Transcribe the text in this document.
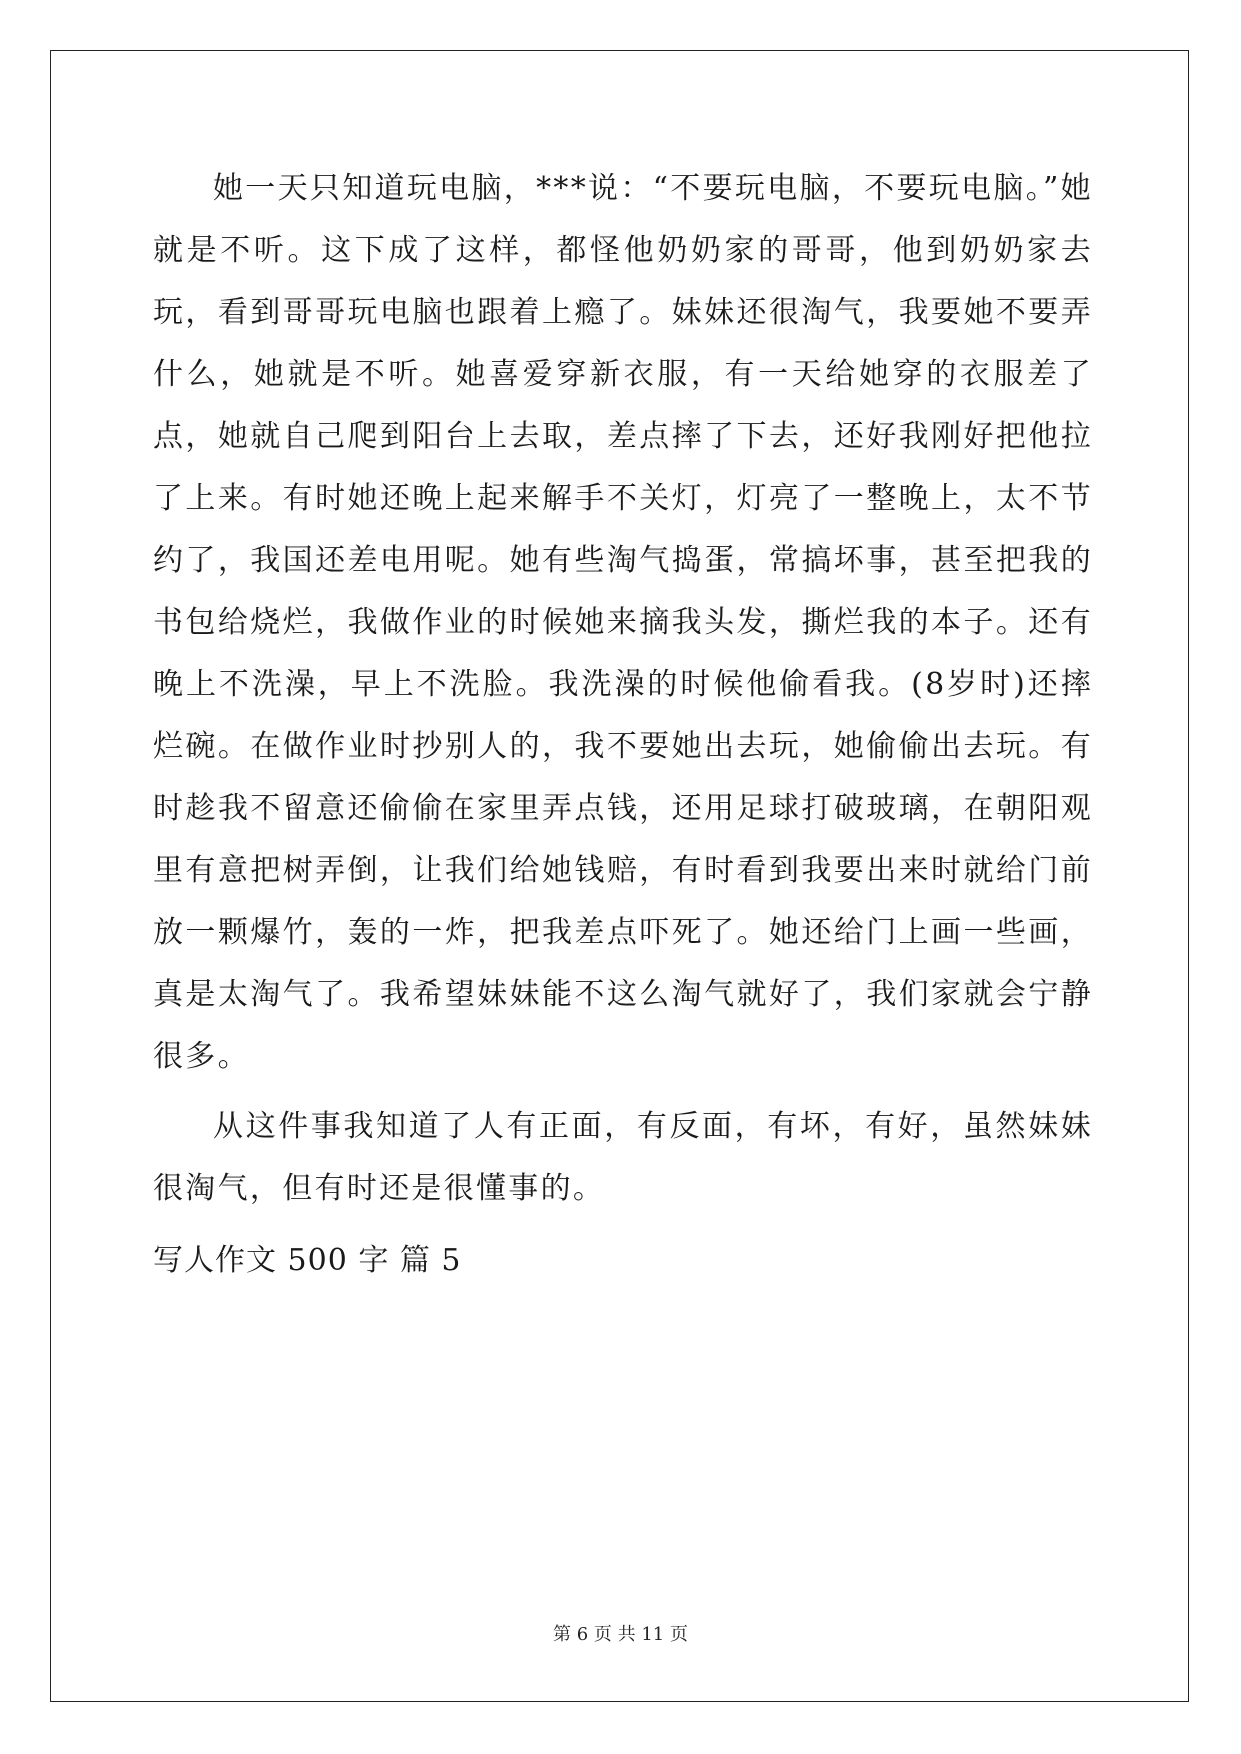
她一天只知道玩电脑，***说：“不要玩电脑，不要玩电脑。”她就是不听。这下成了这样，都怪他奶奶家的哥哥，他到奶奶家去玩，看到哥哥玩电脑也跟着上瘾了。妹妹还很淘气，我要她不要弄什么，她就是不听。她喜爱穿新衣服，有一天给她穿的衣服差了点，她就自己爬到阳台上去取，差点摔了下去，还好我刚好把他拉了上来。有时她还晚上起来解手不关灯，灯亮了一整晚上，太不节约了，我国还差电用呢。她有些淘气捣蛋，常搞坏事，甚至把我的书包给烧烂，我做作业的时候她来摘我头发，撕烂我的本子。还有晚上不洗澡，早上不洗脸。我洗澡的时候他偷看我。(8岁时)还摔烂碗。在做作业时抄别人的，我不要她出去玩，她偷偷出去玩。有时趁我不留意还偷偷在家里弄点钱，还用足球打破玻璃，在朝阳观里有意把树弄倒，让我们给她钱赔，有时看到我要出来时就给门前放一颗爆竹，轰的一炸，把我差点吓死了。她还给门上画一些画，真是太淘气了。我希望妹妹能不这么淘气就好了，我们家就会宁静很多。

从这件事我知道了人有正面，有反面，有坏，有好，虽然妹妹很淘气，但有时还是很懂事的。

写人作文 500 字 篇 5
第 6 页 共 11 页
